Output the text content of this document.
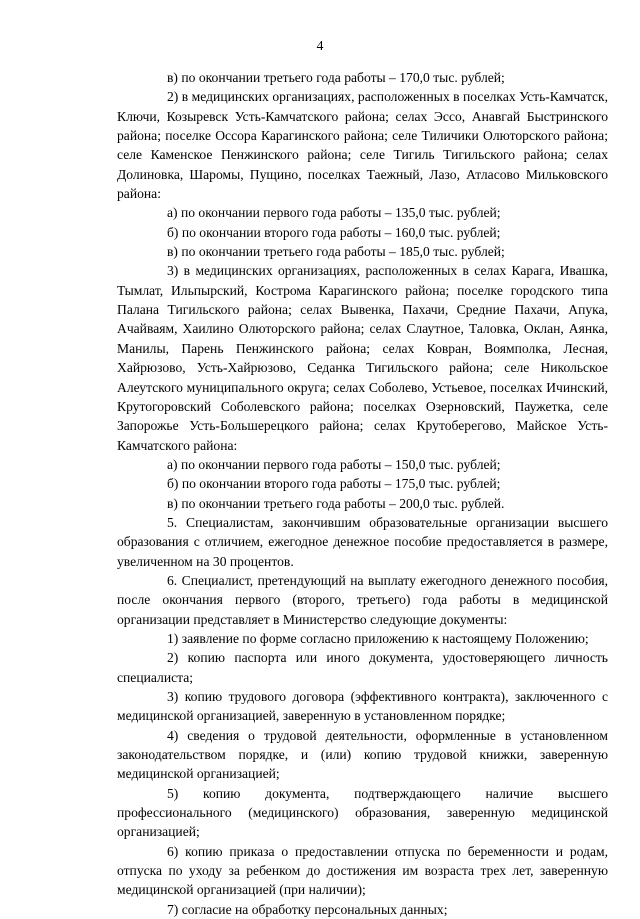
4

в) по окончании третьего года работы – 170,0 тыс. рублей;

2) в медицинских организациях, расположенных в поселках Усть-Камчатск, Ключи, Козыревск Усть-Камчатского района; селах Эссо, Анавгай Быстринского района; поселке Оссора Карагинского района; селе Тиличики Олюторского района; селе Каменское Пенжинского района; селе Тигиль Тигильского района; селах Долиновка, Шаромы, Пущино, поселках Таежный, Лазо, Атласово Мильковского района:

а) по окончании первого года работы – 135,0 тыс. рублей;

б) по окончании второго года работы – 160,0 тыс. рублей;

в) по окончании третьего года работы – 185,0 тыс. рублей;

3) в медицинских организациях, расположенных в селах Карага, Ивашка, Тымлат, Ильпырский, Кострома Карагинского района; поселке городского типа Палана Тигильского района; селах Вывенка, Пахачи, Средние Пахачи, Апука, Ачайваям, Хаилино Олюторского района; селах Слаутное, Таловка, Оклан, Аянка, Манилы, Парень Пенжинского района; селах Ковран, Воямполка, Лесная, Хайрюзово, Усть-Хайрюзово, Седанка Тигильского района; селе Никольское Алеутского муниципального округа; селах Соболево, Устьевое, поселках Ичинский, Крутогоровский Соболевского района; поселках Озерновский, Паужетка, селе Запорожье Усть-Большерецкого района; селах Крутоберегово, Майское Усть-Камчатского района:

а) по окончании первого года работы – 150,0 тыс. рублей;

б) по окончании второго года работы – 175,0 тыс. рублей;

в) по окончании третьего года работы – 200,0 тыс. рублей.

5. Специалистам, закончившим образовательные организации высшего образования с отличием, ежегодное денежное пособие предоставляется в размере, увеличенном на 30 процентов.

6. Специалист, претендующий на выплату ежегодного денежного пособия, после окончания первого (второго, третьего) года работы в медицинской организации представляет в Министерство следующие документы:

1) заявление по форме согласно приложению к настоящему Положению;

2) копию паспорта или иного документа, удостоверяющего личность специалиста;

3) копию трудового договора (эффективного контракта), заключенного с медицинской организацией, заверенную в установленном порядке;

4) сведения о трудовой деятельности, оформленные в установленном законодательством порядке, и (или) копию трудовой книжки, заверенную медицинской организацией;

5) копию документа, подтверждающего наличие высшего профессионального (медицинского) образования, заверенную медицинской организацией;

6) копию приказа о предоставлении отпуска по беременности и родам, отпуска по уходу за ребенком до достижения им возраста трех лет, заверенную медицинской организацией (при наличии);

7) согласие на обработку персональных данных;
